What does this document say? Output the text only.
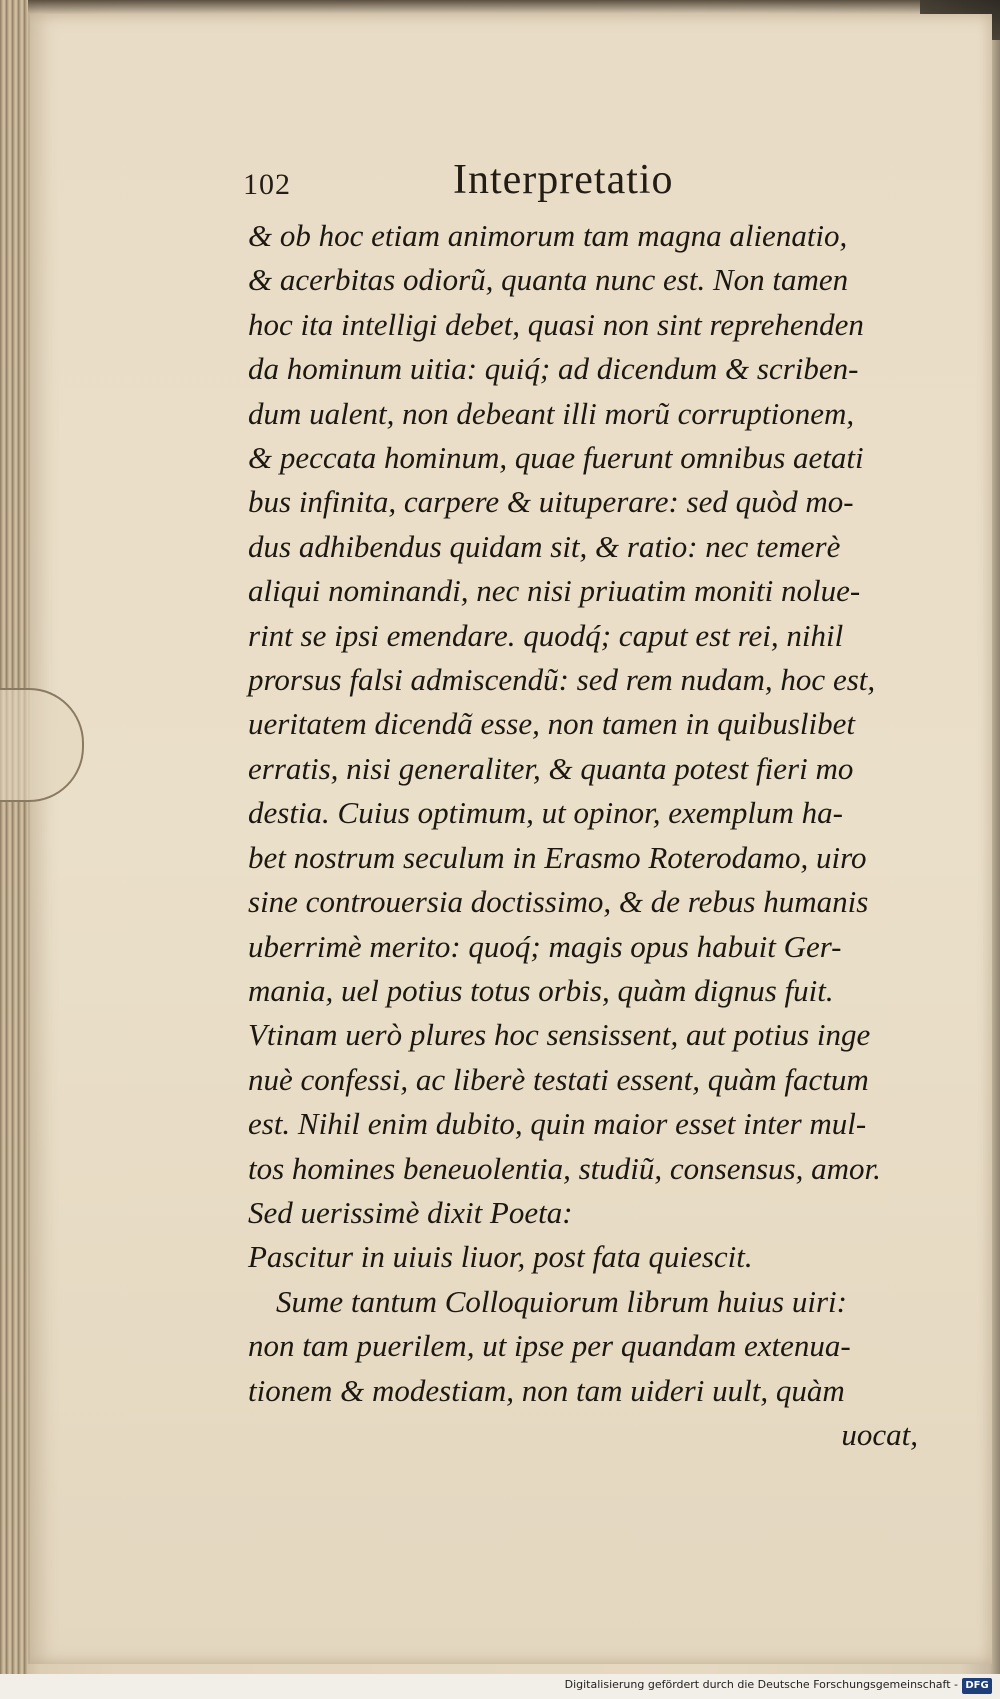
102	Interpretatio
& ob hoc etiam animorum tam magna alienatio,
& acerbitas odiorũ, quanta nunc est. Non tamen
hoc ita intelligi debet, quasi non sint reprehenden
da hominum uitia: quiq́; ad dicendum & scriben-
dum ualent, non debeant illi morũ corruptionem,
& peccata hominum, quae fuerunt omnibus aetati
bus infinita, carpere & uituperare: sed quòd mo-
dus adhibendus quidam sit, & ratio: nec temerè
aliqui nominandi, nec nisi priuatim moniti nolue-
rint se ipsi emendare. quodq́; caput est rei, nihil
prorsus falsi admiscendũ: sed rem nudam, hoc est,
ueritatem dicendã esse, non tamen in quibuslibet
erratis, nisi generaliter, & quanta potest fieri mo
destia. Cuius optimum, ut opinor, exemplum ha-
bet nostrum seculum in Erasmo Roterodamo, uiro
sine controuersia doctissimo, & de rebus humanis
uberrimè merito: quoq́; magis opus habuit Ger-
mania, uel potius totus orbis, quàm dignus fuit.
Vtinam uerò plures hoc sensissent, aut potius inge
nuè confessi, ac liberè testati essent, quàm factum
est. Nihil enim dubito, quin maior esset inter mul-
tos homines beneuolentia, studiũ, consensus, amor.
Sed uerissimè dixit Poeta:
Pascitur in uiuis liuor, post fata quiescit.
Sume tantum Colloquiorum librum huius uiri:
non tam puerilem, ut ipse per quandam extenua-
tionem & modestiam, non tam uideri uult, quàm
uocat,
Digitalisierung gefördert durch die Deutsche Forschungsgemeinschaft - DFG
